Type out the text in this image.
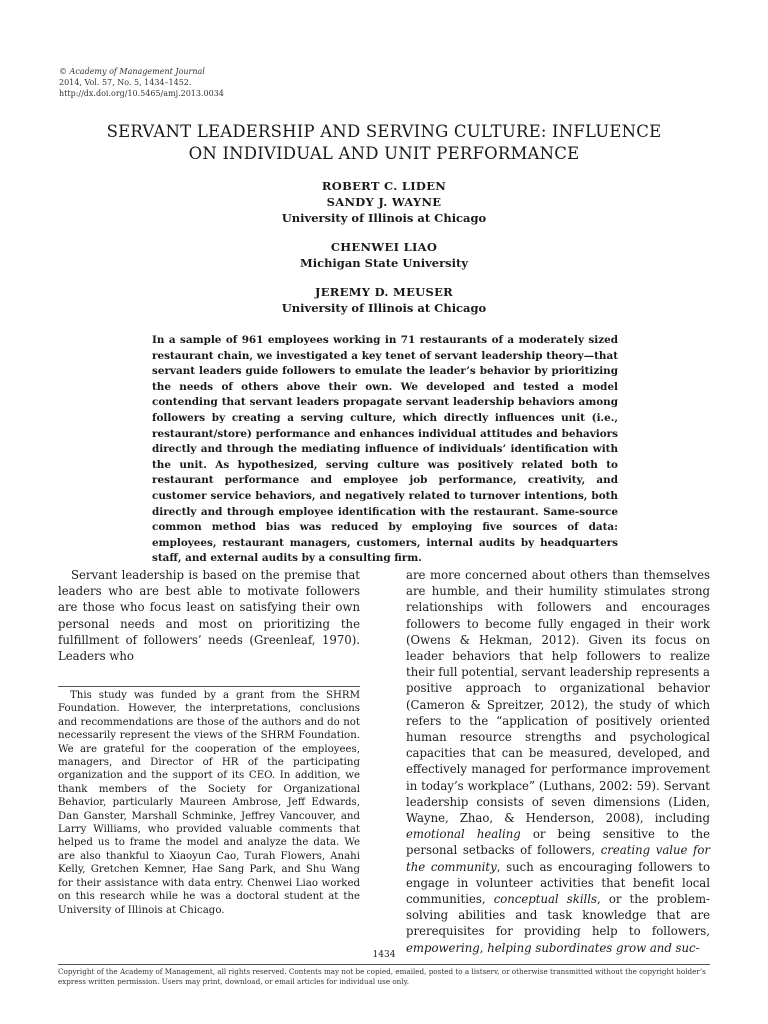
© Academy of Management Journal
2014, Vol. 57, No. 5, 1434–1452.
http://dx.doi.org/10.5465/amj.2013.0034
SERVANT LEADERSHIP AND SERVING CULTURE: INFLUENCE
ON INDIVIDUAL AND UNIT PERFORMANCE
ROBERT C. LIDEN
SANDY J. WAYNE
University of Illinois at Chicago
CHENWEI LIAO
Michigan State University
JEREMY D. MEUSER
University of Illinois at Chicago

In a sample of 961 employees working in 71 restaurants of a moderately sized restaurant chain, we investigated a key tenet of servant leadership theory—that servant leaders guide followers to emulate the leader’s behavior by prioritizing the needs of others above their own. We developed and tested a model contending that servant leaders propagate servant leadership behaviors among followers by creating a serving culture, which directly influences unit (i.e., restaurant/store) performance and enhances individual attitudes and behaviors directly and through the mediating influence of individuals’ identification with the unit. As hypothesized, serving culture was positively related both to restaurant performance and employee job performance, creativity, and customer service behaviors, and negatively related to turnover intentions, both directly and through employee identification with the restaurant. Same-source common method bias was reduced by employing five sources of data: employees, restaurant managers, customers, internal audits by headquarters staff, and external audits by a consulting firm.

Servant leadership is based on the premise that leaders who are best able to motivate followers are those who focus least on satisfying their own personal needs and most on prioritizing the fulfillment of followers’ needs (Greenleaf, 1970). Leaders who

This study was funded by a grant from the SHRM Foundation. However, the interpretations, conclusions and recommendations are those of the authors and do not necessarily represent the views of the SHRM Foundation. We are grateful for the cooperation of the employees, managers, and Director of HR of the participating organization and the support of its CEO. In addition, we thank members of the Society for Organizational Behavior, particularly Maureen Ambrose, Jeff Edwards, Dan Ganster, Marshall Schminke, Jeffrey Vancouver, and Larry Williams, who provided valuable comments that helped us to frame the model and analyze the data. We are also thankful to Xiaoyun Cao, Turah Flowers, Anahi Kelly, Gretchen Kemner, Hae Sang Park, and Shu Wang for their assistance with data entry. Chenwei Liao worked on this research while he was a doctoral student at the University of Illinois at Chicago.

are more concerned about others than themselves are humble, and their humility stimulates strong relationships with followers and encourages followers to become fully engaged in their work (Owens & Hekman, 2012). Given its focus on leader behaviors that help followers to realize their full potential, servant leadership represents a positive approach to organizational behavior (Cameron & Spreitzer, 2012), the study of which refers to the “application of positively oriented human resource strengths and psychological capacities that can be measured, developed, and effectively managed for performance improvement in today’s workplace” (Luthans, 2002: 59). Servant leadership consists of seven dimensions (Liden, Wayne, Zhao, & Henderson, 2008), including emotional healing or being sensitive to the personal setbacks of followers, creating value for the community, such as encouraging followers to engage in volunteer activities that benefit local communities, conceptual skills, or the problem-solving abilities and task knowledge that are prerequisites for providing help to followers, empowering, helping subordinates grow and suc-

1434
Copyright of the Academy of Management, all rights reserved. Contents may not be copied, emailed, posted to a listserv, or otherwise transmitted without the copyright holder’s express written permission. Users may print, download, or email articles for individual use only.
